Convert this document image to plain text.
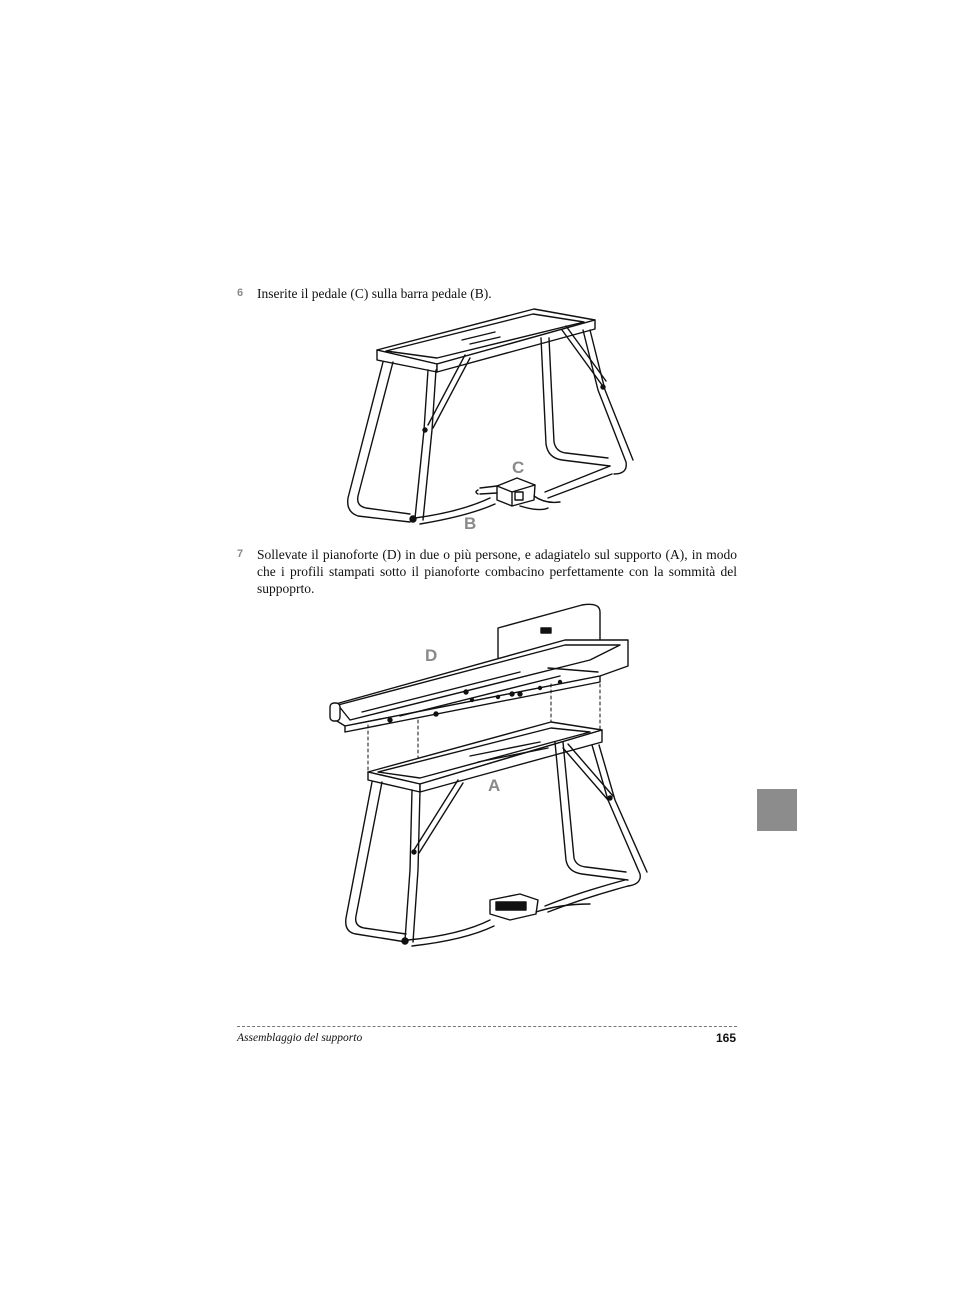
6 Inserite il pedale (C) sulla barra pedale (B).
C
B
7 Sollevate il pianoforte (D) in due o più persone, e adagiatelo sul supporto (A), in modo che i profili stampati sotto il pianoforte combacino perfettamente con la sommità del suppoprto.
D
A
Assemblaggio del supporto	165
